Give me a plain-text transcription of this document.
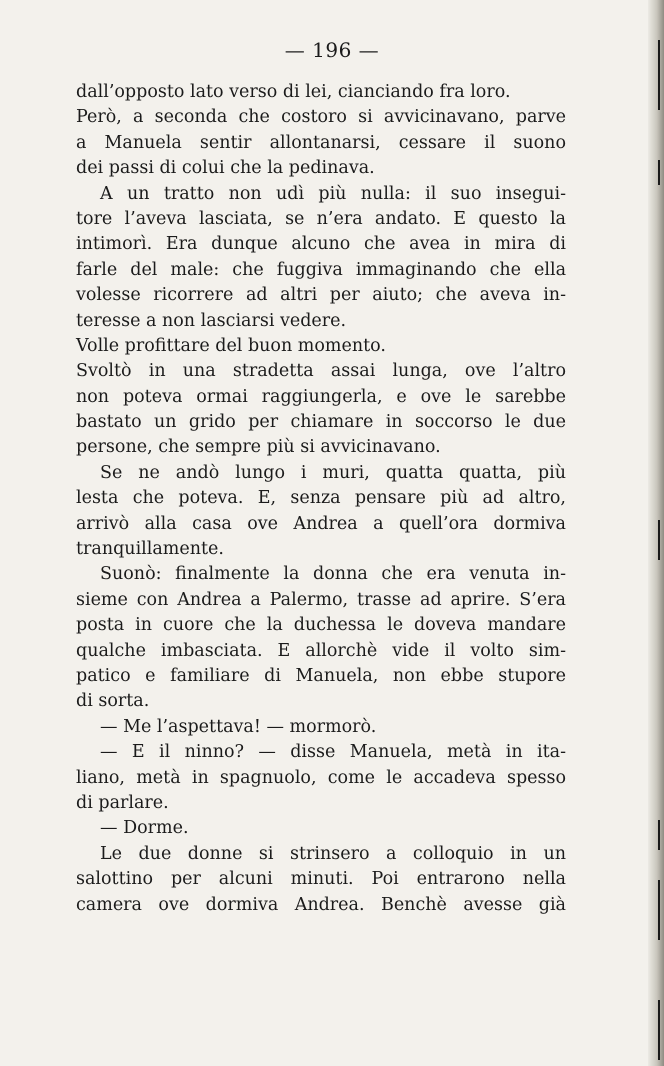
— 196 —
dall’opposto lato verso di lei, cianciando fra loro.
Però, a seconda che costoro si avvicinavano, parve
a Manuela sentir allontanarsi, cessare il suono
dei passi di colui che la pedinava.
A un tratto non udì più nulla: il suo insegui-
tore l’aveva lasciata, se n’era andato. E questo la
intimorì. Era dunque alcuno che avea in mira di
farle del male: che fuggiva immaginando che ella
volesse ricorrere ad altri per aiuto; che aveva in-
teresse a non lasciarsi vedere.
Volle profittare del buon momento.
Svoltò in una stradetta assai lunga, ove l’altro
non poteva ormai raggiungerla, e ove le sarebbe
bastato un grido per chiamare in soccorso le due
persone, che sempre più si avvicinavano.
Se ne andò lungo i muri, quatta quatta, più
lesta che poteva. E, senza pensare più ad altro,
arrivò alla casa ove Andrea a quell’ora dormiva
tranquillamente.
Suonò: finalmente la donna che era venuta in-
sieme con Andrea a Palermo, trasse ad aprire. S’era
posta in cuore che la duchessa le doveva mandare
qualche imbasciata. E allorchè vide il volto sim-
patico e familiare di Manuela, non ebbe stupore
di sorta.
— Me l’aspettava! — mormorò.
— E il ninno? — disse Manuela, metà in ita-
liano, metà in spagnuolo, come le accadeva spesso
di parlare.
— Dorme.
Le due donne si strinsero a colloquio in un
salottino per alcuni minuti. Poi entrarono nella
camera ove dormiva Andrea. Benchè avesse già
